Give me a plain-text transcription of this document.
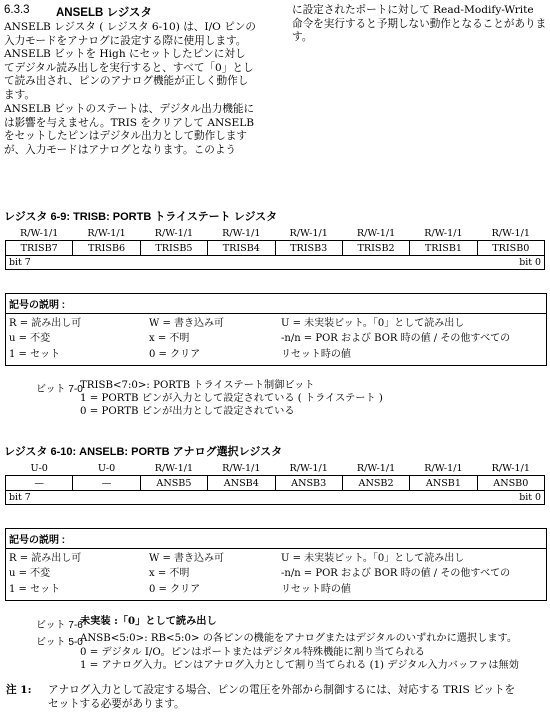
6.3.3 ANSELB レジスタ
ANSELB レジスタ ( レジスタ 6-10) は、I/O ピンの入力モードをアナログに設定する際に使用します。ANSELB ビットを High にセットしたピンに対してデジタル読み出しを実行すると、すべて「0」として読み出され、ピンのアナログ機能が正しく動作します。
ANSELB ビットのステートは、デジタル出力機能には影響を与えません。TRIS をクリアして ANSELB をセットしたピンはデジタル出力として動作しますが、入力モードはアナログとなります。このよう
に設定されたポートに対して Read-Modify-Write 命令を実行すると予期しない動作となることがあります。
レジスタ 6-9: TRISB: PORTB トライステート レジスタ
R/W-1/1	R/W-1/1	R/W-1/1	R/W-1/1	R/W-1/1	R/W-1/1	R/W-1/1	R/W-1/1
TRISB7	TRISB6	TRISB5	TRISB4	TRISB3	TRISB2	TRISB1	TRISB0
bit 7 bit 0							
記号の説明 :
R = 読み出し可	W = 書き込み可	U = 未実装ビット。「0」として読み出し
u = 不変	x = 不明	-n/n = POR および BOR 時の値 / その他すべての
1 = セット	0 = クリア	リセット時の値
ビット 7-0
TRISB<7:0>: PORTB トライステート制御ビット
1 = PORTB ピンが入力として設定されている ( トライステート )
0 = PORTB ピンが出力として設定されている
レジスタ 6-10: ANSELB: PORTB アナログ選択レジスタ
U-0	U-0	R/W-1/1	R/W-1/1	R/W-1/1	R/W-1/1	R/W-1/1	R/W-1/1
—	—	ANSB5	ANSB4	ANSB3	ANSB2	ANSB1	ANSB0
bit 7 bit 0							
記号の説明 :
R = 読み出し可	W = 書き込み可	U = 未実装ビット。「0」として読み出し
u = 不変	x = 不明	-n/n = POR および BOR 時の値 / その他すべての
1 = セット	0 = クリア	リセット時の値
ビット 7-6
未実装 :「0」として読み出し
ビット 5-0
ANSB<5:0>: RB<5:0> の各ピンの機能をアナログまたはデジタルのいずれかに選択します。
0 = デジタル I/O。ピンはポートまたはデジタル特殊機能に割り当てられる
1 = アナログ入力。ピンはアナログ入力として割り当てられる (1) デジタル入力バッファは無効
注 1: アナログ入力として設定する場合、ピンの電圧を外部から制御するには、対応する TRIS ビットを
セットする必要があります。
